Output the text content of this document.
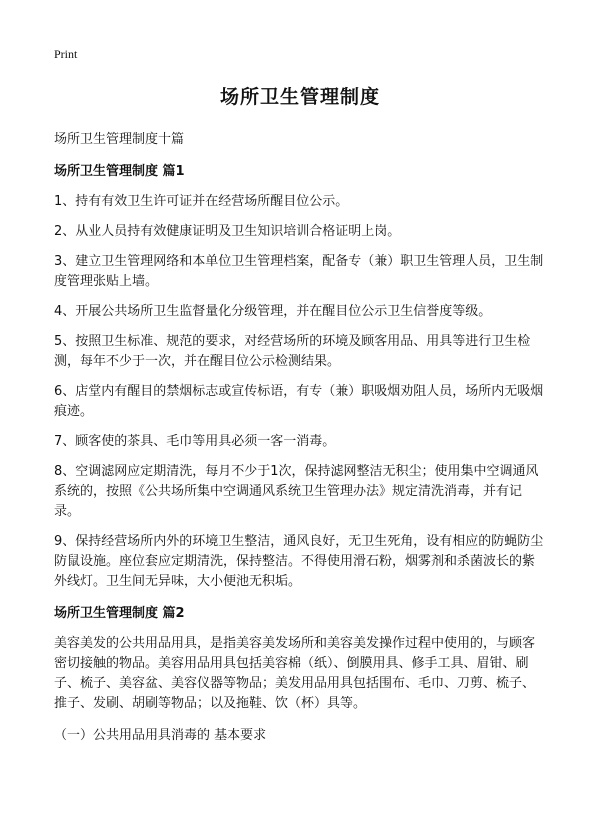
Print

场所卫生管理制度

场所卫生管理制度十篇

场所卫生管理制度 篇1

1、持有有效卫生许可证并在经营场所醒目位公示。

2、从业人员持有效健康证明及卫生知识培训合格证明上岗。

3、建立卫生管理网络和本单位卫生管理档案，配备专（兼）职卫生管理人员，卫生制度管理张贴上墙。

4、开展公共场所卫生监督量化分级管理，并在醒目位公示卫生信誉度等级。

5、按照卫生标准、规范的要求，对经营场所的环境及顾客用品、用具等进行卫生检测，每年不少于一次，并在醒目位公示检测结果。

6、店堂内有醒目的禁烟标志或宣传标语，有专（兼）职吸烟劝阻人员，场所内无吸烟痕迹。

7、顾客使的茶具、毛巾等用具必须一客一消毒。

8、空调滤网应定期清洗，每月不少于1次，保持滤网整洁无积尘；使用集中空调通风系统的，按照《公共场所集中空调通风系统卫生管理办法》规定清洗消毒，并有记录。

9、保持经营场所内外的环境卫生整洁，通风良好，无卫生死角，设有相应的防蝇防尘防鼠设施。座位套应定期清洗，保持整洁。不得使用滑石粉，烟雾剂和杀菌波长的紫外线灯。卫生间无异味，大小便池无积垢。

场所卫生管理制度 篇2

美容美发的公共用品用具，是指美容美发场所和美容美发操作过程中使用的，与顾客密切接触的物品。美容用品用具包括美容棉（纸）、倒膜用具、修手工具、眉钳、刷子、梳子、美容盆、美容仪器等物品；美发用品用具包括围布、毛巾、刀剪、梳子、推子、发刷、胡刷等物品；以及拖鞋、饮（杯）具等。

（一）公共用品用具消毒的 基本要求
